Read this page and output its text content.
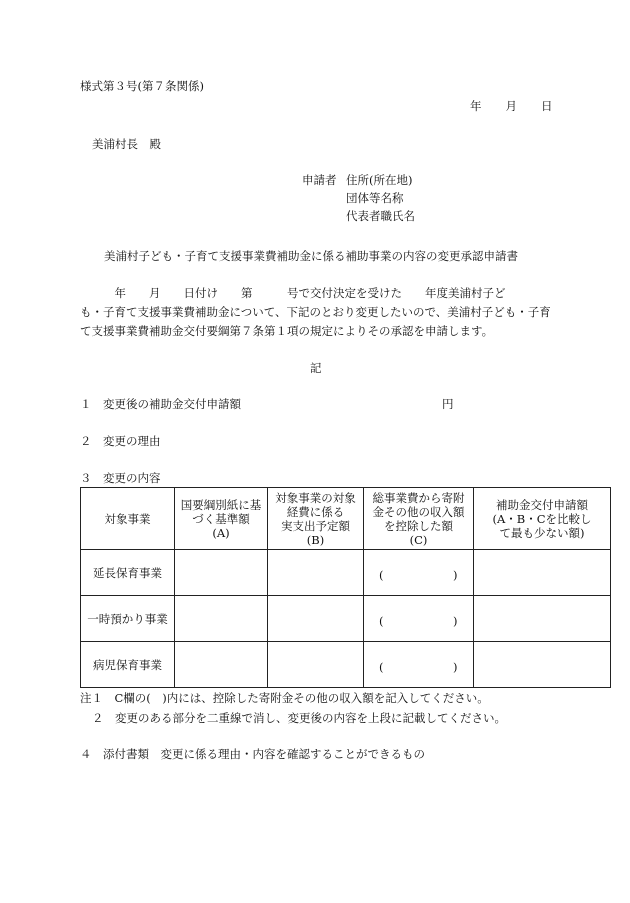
様式第３号(第７条関係)
年 月 日
美浦村長　殿
申請者 住所(所在地)
団体等名称
代表者職氏名
美浦村子ども・子育て支援事業費補助金に係る補助事業の内容の変更承認申請書
　　　年　　月　　日付け　　第　　　号で交付決定を受けた　　年度美浦村子ど
も・子育て支援事業費補助金について、下記のとおり変更したいので、美浦村子ども・子育
て支援事業費補助金交付要綱第７条第１項の規定によりその承認を申請します。
記
１　変更後の補助金交付申請額	円
２　変更の理由
３　変更の内容
対象事業	国要綱別紙に基
づく基準額
(A)	対象事業の対象
経費に係る
実支出予定額
(B)	総事業費から寄附
金その他の収入額
を控除した額
(C)	補助金交付申請額
(A・B・Cを比較し
て最も少ない額)
延長保育事業			( )	

一時預かり事業			( )	

病児保育事業			( )	

注１　C欄の(　)内には、控除した寄附金その他の収入額を記入してください。
２　変更のある部分を二重線で消し、変更後の内容を上段に記載してください。
４　添付書類　変更に係る理由・内容を確認することができるもの
